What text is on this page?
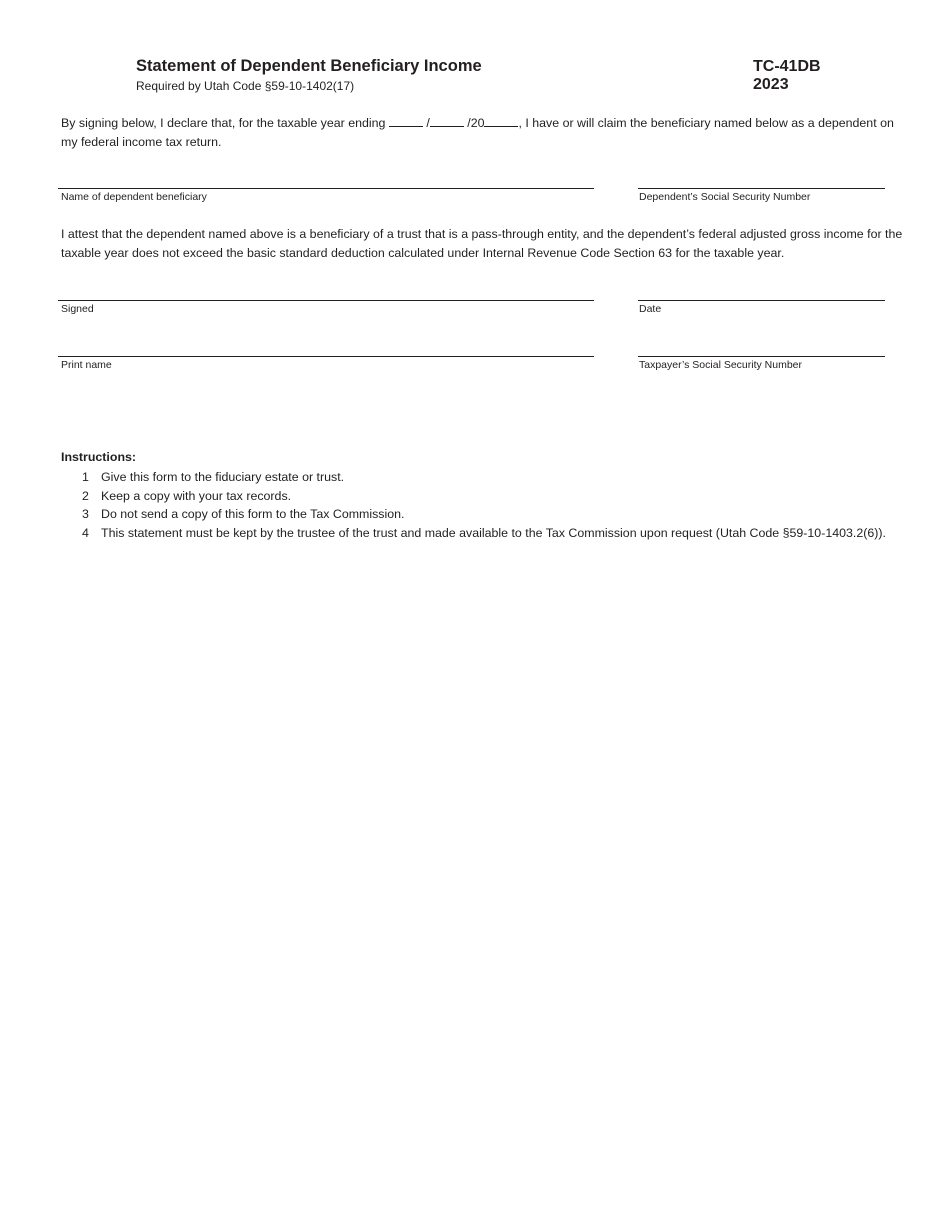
Statement of Dependent Beneficiary Income
Required by Utah Code §59-10-1402(17)
TC-41DB
2023
By signing below, I declare that, for the taxable year ending	/	/20	, I have or will claim the beneficiary named below as a dependent on my federal income tax return.
Name of dependent beneficiary	Dependent’s Social Security Number
I attest that the dependent named above is a beneficiary of a trust that is a pass-through entity, and the dependent’s federal adjusted gross income for the taxable year does not exceed the basic standard deduction calculated under Internal Revenue Code Section 63 for the taxable year.
Signed	Date
Print name	Taxpayer’s Social Security Number
Instructions:
1 Give this form to the fiduciary estate or trust.
2 Keep a copy with your tax records.
3 Do not send a copy of this form to the Tax Commission.
4 This statement must be kept by the trustee of the trust and made available to the Tax Commission upon request (Utah Code §59-10-1403.2(6)).
